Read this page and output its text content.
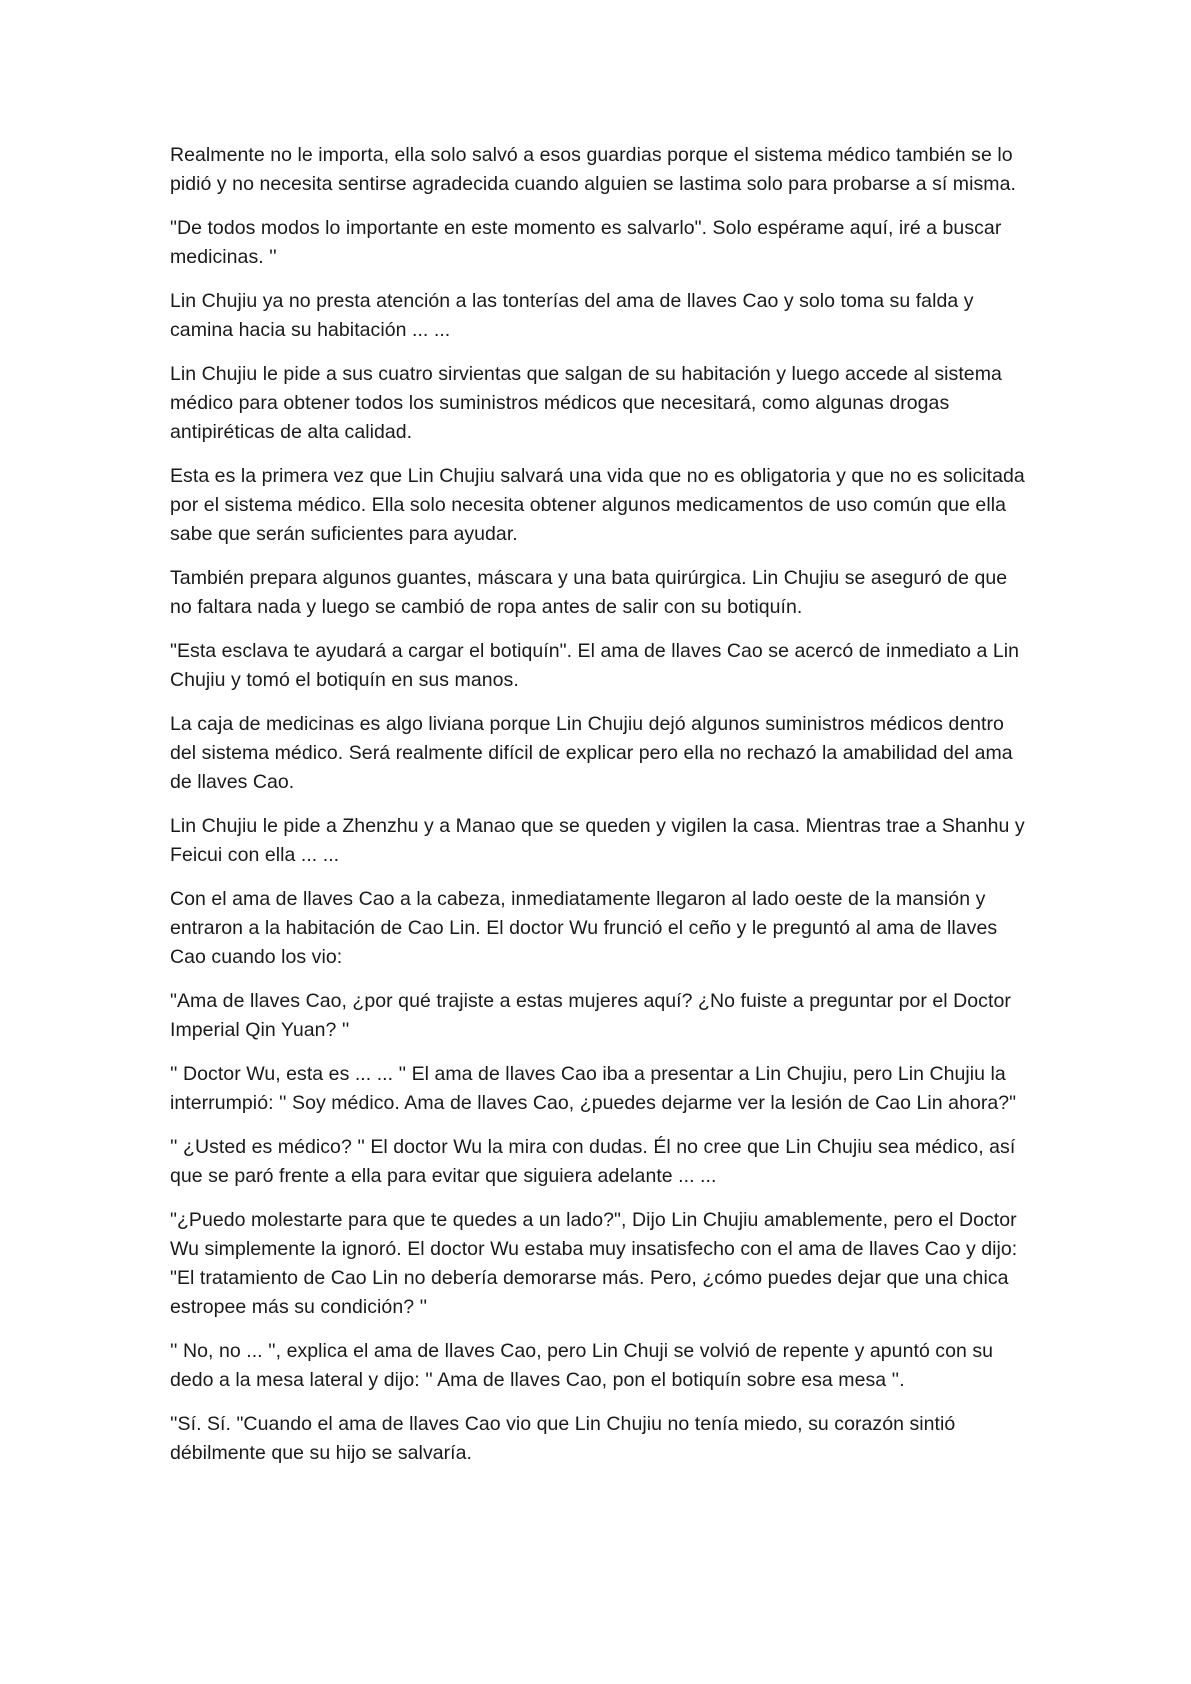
Realmente no le importa, ella solo salvó a esos guardias porque el sistema médico también se lo pidió y no necesita sentirse agradecida cuando alguien se lastima solo para probarse a sí misma.

"De todos modos lo importante en este momento es salvarlo". Solo espérame aquí, iré a buscar medicinas. ''

Lin Chujiu ya no presta atención a las tonterías del ama de llaves Cao y solo toma su falda y camina hacia su habitación ... ...

Lin Chujiu le pide a sus cuatro sirvientas que salgan de su habitación y luego accede al sistema médico para obtener todos los suministros médicos que necesitará, como algunas drogas antipiréticas de alta calidad.

Esta es la primera vez que Lin Chujiu salvará una vida que no es obligatoria y que no es solicitada por el sistema médico. Ella solo necesita obtener algunos medicamentos de uso común que ella sabe que serán suficientes para ayudar.

También prepara algunos guantes, máscara y una bata quirúrgica. Lin Chujiu se aseguró de que no faltara nada y luego se cambió de ropa antes de salir con su botiquín.

"Esta esclava te ayudará a cargar el botiquín". El ama de llaves Cao se acercó de inmediato a Lin Chujiu y tomó el botiquín en sus manos.

La caja de medicinas es algo liviana porque Lin Chujiu dejó algunos suministros médicos dentro del sistema médico. Será realmente difícil de explicar pero ella no rechazó la amabilidad del ama de llaves Cao.

Lin Chujiu le pide a Zhenzhu y a Manao que se queden y vigilen la casa. Mientras trae a Shanhu y Feicui con ella ... ...

Con el ama de llaves Cao a la cabeza, inmediatamente llegaron al lado oeste de la mansión y entraron a la habitación de Cao Lin. El doctor Wu frunció el ceño y le preguntó al ama de llaves Cao cuando los vio:

"Ama de llaves Cao, ¿por qué trajiste a estas mujeres aquí? ¿No fuiste a preguntar por el Doctor Imperial Qin Yuan? ''

'' Doctor Wu, esta es ... ... '' El ama de llaves Cao iba a presentar a Lin Chujiu, pero Lin Chujiu la interrumpió: '' Soy médico. Ama de llaves Cao, ¿puedes dejarme ver la lesión de Cao Lin ahora?"

'' ¿Usted es médico? '' El doctor Wu la mira con dudas. Él no cree que Lin Chujiu sea médico, así que se paró frente a ella para evitar que siguiera adelante ... ...

"¿Puedo molestarte para que te quedes a un lado?", Dijo Lin Chujiu amablemente, pero el Doctor Wu simplemente la ignoró. El doctor Wu estaba muy insatisfecho con el ama de llaves Cao y dijo: "El tratamiento de Cao Lin no debería demorarse más. Pero, ¿cómo puedes dejar que una chica estropee más su condición? ''

'' No, no ... '', explica el ama de llaves Cao, pero Lin Chuji se volvió de repente y apuntó con su dedo a la mesa lateral y dijo: '' Ama de llaves Cao, pon el botiquín sobre esa mesa ''.

''Sí. Sí. "Cuando el ama de llaves Cao vio que Lin Chujiu no tenía miedo, su corazón sintió débilmente que su hijo se salvaría.
